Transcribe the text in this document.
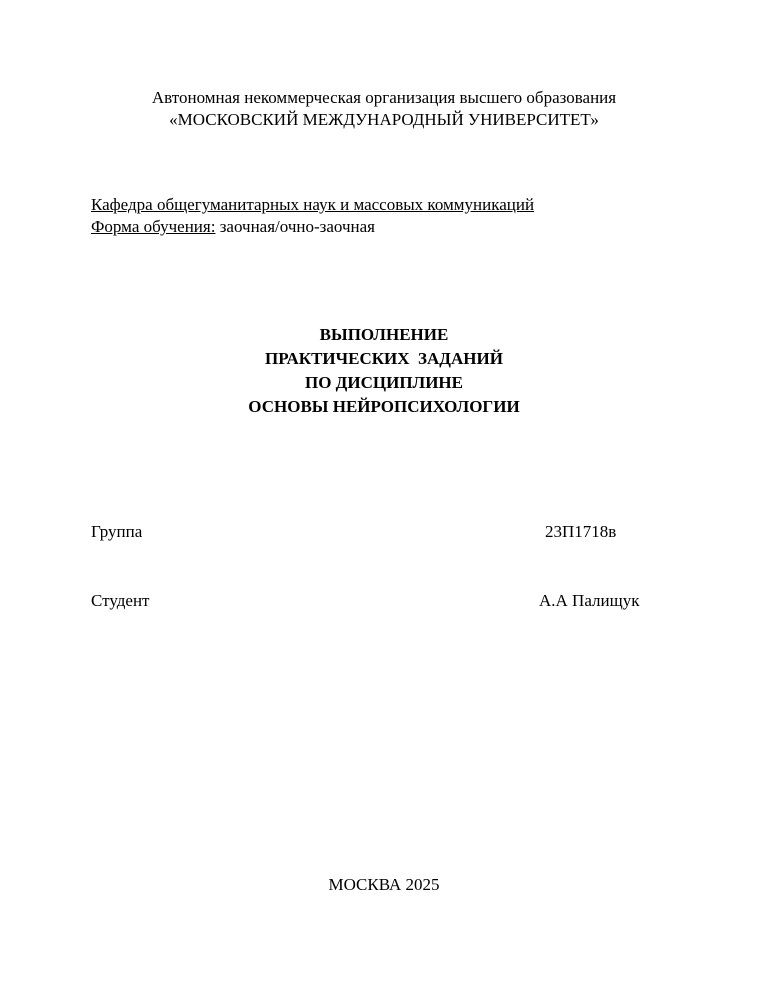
Автономная некоммерческая организация высшего образования
«МОСКОВСКИЙ МЕЖДУНАРОДНЫЙ УНИВЕРСИТЕТ»
Кафедра общегуманитарных наук и массовых коммуникаций
Форма обучения: заочная/очно-заочная
ВЫПОЛНЕНИЕ
ПРАКТИЧЕСКИХ  ЗАДАНИЙ
ПО ДИСЦИПЛИНЕ
ОСНОВЫ НЕЙРОПСИХОЛОГИИ
Группа	23П1718в
Студент	А.А Палищук
МОСКВА 2025
